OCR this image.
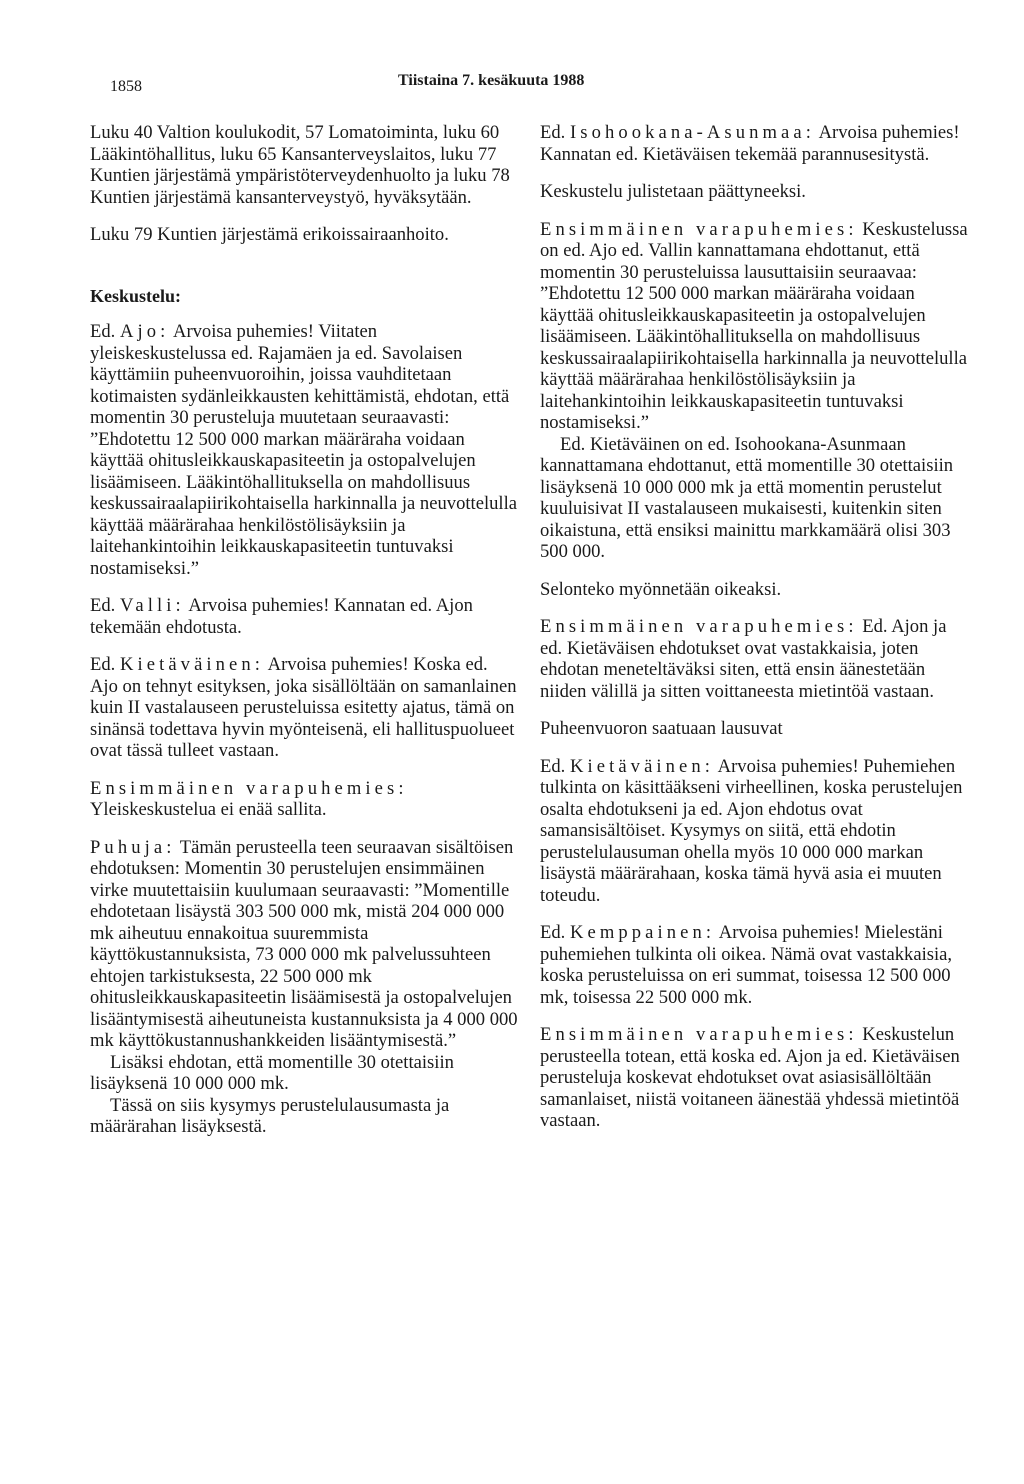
1858	Tiistaina 7. kesäkuuta 1988

Luku 40 Valtion koulukodit, 57 Lomatoiminta, luku 60 Lääkintöhallitus, luku 65 Kansanterveyslaitos, luku 77 Kuntien järjestämä ympäristöterveydenhuolto ja luku 78 Kuntien järjestämä kansanterveystyö, hyväksytään.

Luku 79 Kuntien järjestämä erikoissairaanhoito.

Keskustelu:

Ed. Ajo: Arvoisa puhemies! Viitaten yleiskeskustelussa ed. Rajamäen ja ed. Savolaisen käyttämiin puheenvuoroihin, joissa vauhditetaan kotimaisten sydänleikkausten kehittämistä, ehdotan, että momentin 30 perusteluja muutetaan seuraavasti: ”Ehdotettu 12 500 000 markan määräraha voidaan käyttää ohitusleikkauskapasiteetin ja ostopalvelujen lisäämiseen. Lääkintöhallituksella on mahdollisuus keskussairaalapiirikohtaisella harkinnalla ja neuvottelulla käyttää määrärahaa henkilöstölisäyksiin ja laitehankintoihin leikkauskapasiteetin tuntuvaksi nostamiseksi.”

Ed. Valli: Arvoisa puhemies! Kannatan ed. Ajon tekemään ehdotusta.

Ed. Kietäväinen: Arvoisa puhemies! Koska ed. Ajo on tehnyt esityksen, joka sisällöltään on samanlainen kuin II vastalauseen perusteluissa esitetty ajatus, tämä on sinänsä todettava hyvin myönteisenä, eli hallituspuolueet ovat tässä tulleet vastaan.

Ensimmäinen varapuhemies: Yleiskeskustelua ei enää sallita.

Puhuja: Tämän perusteella teen seuraavan sisältöisen ehdotuksen: Momentin 30 perustelujen ensimmäinen virke muutettaisiin kuulumaan seuraavasti: ”Momentille ehdotetaan lisäystä 303 500 000 mk, mistä 204 000 000 mk aiheutuu ennakoitua suuremmista käyttökustannuksista, 73 000 000 mk palvelussuhteen ehtojen tarkistuksesta, 22 500 000 mk ohitusleikkauskapasiteetin lisäämisestä ja ostopalvelujen lisääntymisestä aiheutuneista kustannuksista ja 4 000 000 mk käyttökustannushankkeiden lisääntymisestä.”

Lisäksi ehdotan, että momentille 30 otettaisiin lisäyksenä 10 000 000 mk.

Tässä on siis kysymys perustelulausumasta ja määrärahan lisäyksestä.

Ed. Isohookana-Asunmaa: Arvoisa puhemies! Kannatan ed. Kietäväisen tekemää parannusesitystä.

Keskustelu julistetaan päättyneeksi.

Ensimmäinen varapuhemies: Keskustelussa on ed. Ajo ed. Vallin kannattamana ehdottanut, että momentin 30 perusteluissa lausuttaisiin seuraavaa: ”Ehdotettu 12 500 000 markan määräraha voidaan käyttää ohitusleikkauskapasiteetin ja ostopalvelujen lisäämiseen. Lääkintöhallituksella on mahdollisuus keskussairaalapiirikohtaisella harkinnalla ja neuvottelulla käyttää määrärahaa henkilöstölisäyksiin ja laitehankintoihin leikkauskapasiteetin tuntuvaksi nostamiseksi.”

Ed. Kietäväinen on ed. Isohookana-Asunmaan kannattamana ehdottanut, että momentille 30 otettaisiin lisäyksenä 10 000 000 mk ja että momentin perustelut kuuluisivat II vastalauseen mukaisesti, kuitenkin siten oikaistuna, että ensiksi mainittu markkamäärä olisi 303 500 000.

Selonteko myönnetään oikeaksi.

Ensimmäinen varapuhemies: Ed. Ajon ja ed. Kietäväisen ehdotukset ovat vastakkaisia, joten ehdotan meneteltäväksi siten, että ensin äänestetään niiden välillä ja sitten voittaneesta mietintöä vastaan.

Puheenvuoron saatuaan lausuvat

Ed. Kietäväinen: Arvoisa puhemies! Puhemiehen tulkinta on käsittääkseni virheellinen, koska perustelujen osalta ehdotukseni ja ed. Ajon ehdotus ovat samansisältöiset. Kysymys on siitä, että ehdotin perustelulausuman ohella myös 10 000 000 markan lisäystä määrärahaan, koska tämä hyvä asia ei muuten toteudu.

Ed. Kemppainen: Arvoisa puhemies! Mielestäni puhemiehen tulkinta oli oikea. Nämä ovat vastakkaisia, koska perusteluissa on eri summat, toisessa 12 500 000 mk, toisessa 22 500 000 mk.

Ensimmäinen varapuhemies: Keskustelun perusteella totean, että koska ed. Ajon ja ed. Kietäväisen perusteluja koskevat ehdotukset ovat asiasisällöltään samanlaiset, niistä voitaneen äänestää yhdessä mietintöä vastaan.
